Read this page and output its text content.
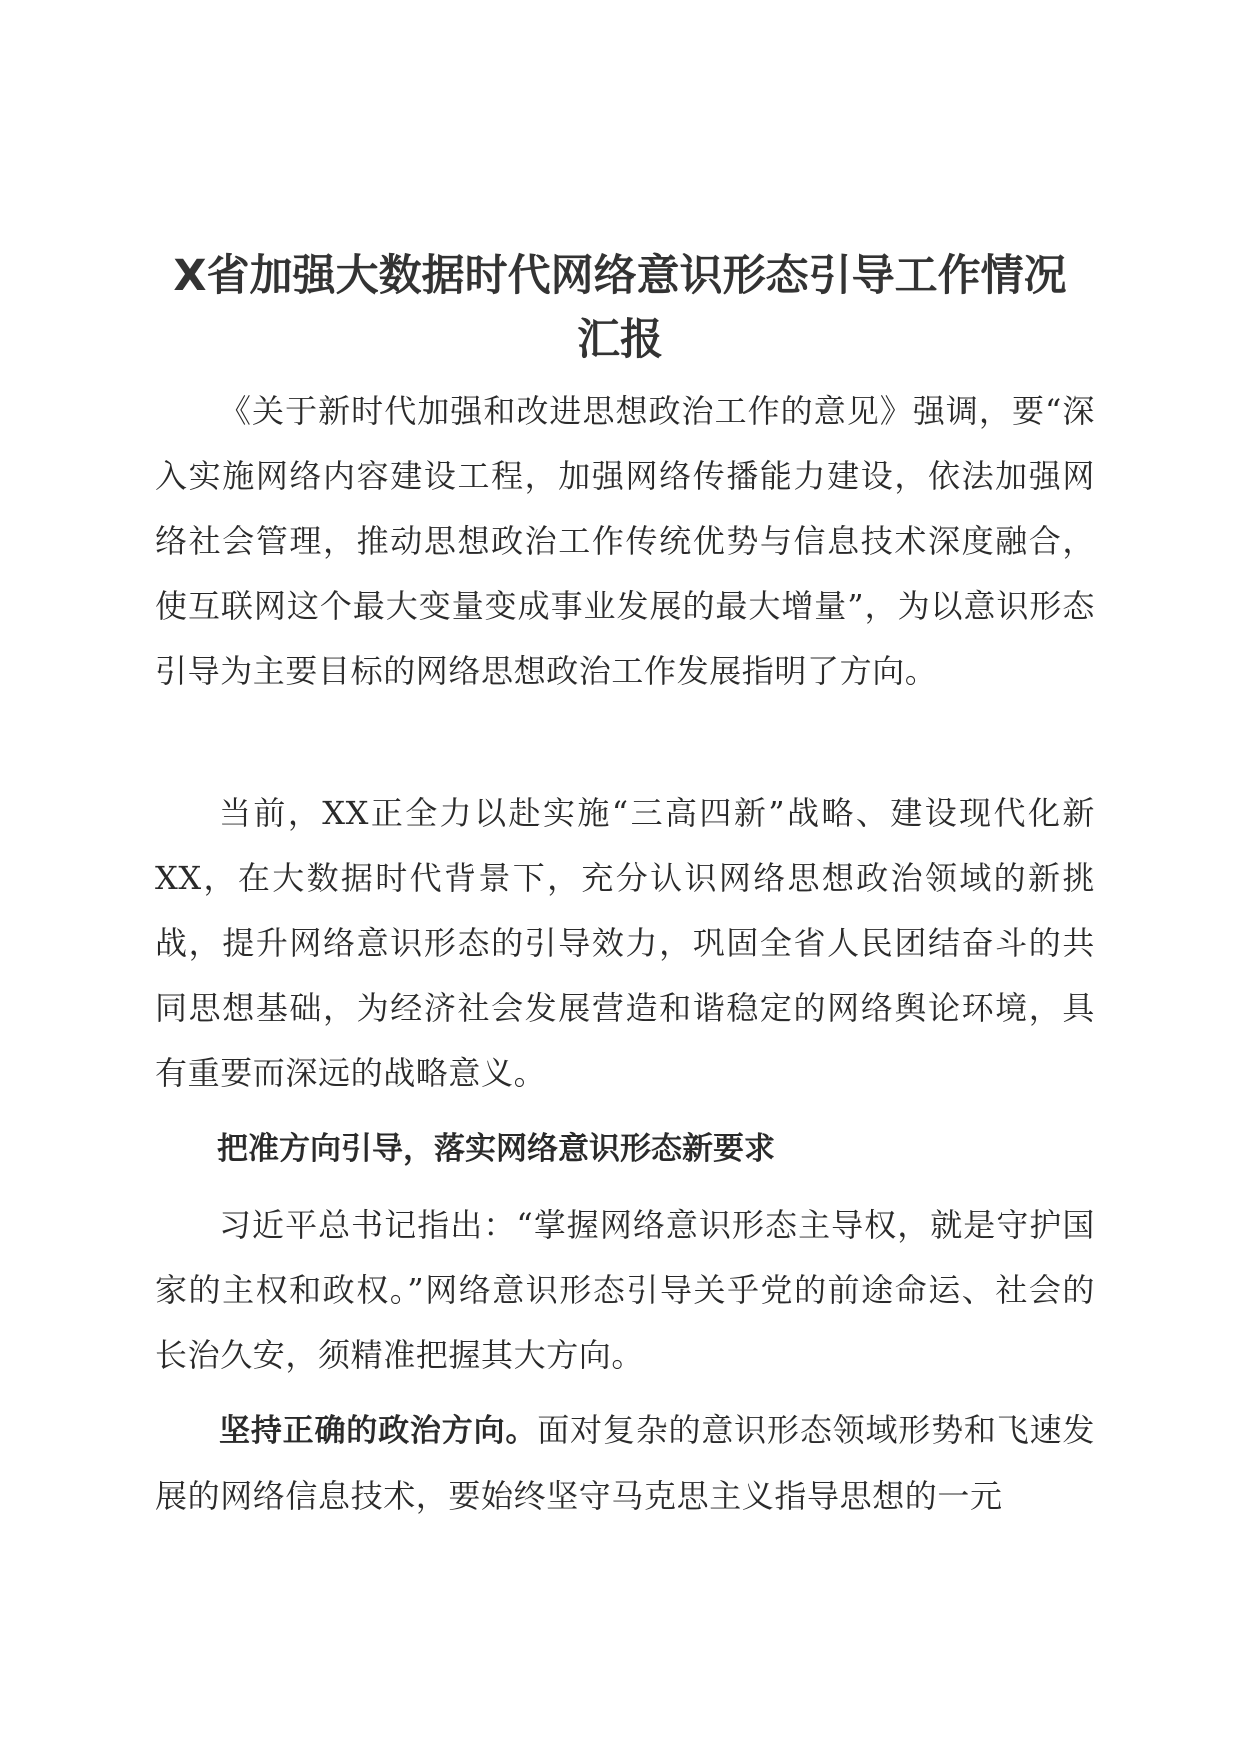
X省加强大数据时代网络意识形态引导工作情况汇报

《关于新时代加强和改进思想政治工作的意见》强调，要“深入实施网络内容建设工程，加强网络传播能力建设，依法加强网络社会管理，推动思想政治工作传统优势与信息技术深度融合，使互联网这个最大变量变成事业发展的最大增量”，为以意识形态引导为主要目标的网络思想政治工作发展指明了方向。

当前，XX正全力以赴实施“三高四新”战略、建设现代化新XX，在大数据时代背景下，充分认识网络思想政治领域的新挑战，提升网络意识形态的引导效力，巩固全省人民团结奋斗的共同思想基础，为经济社会发展营造和谐稳定的网络舆论环境，具有重要而深远的战略意义。

把准方向引导，落实网络意识形态新要求

习近平总书记指出：“掌握网络意识形态主导权，就是守护国家的主权和政权。”网络意识形态引导关乎党的前途命运、社会的长治久安，须精准把握其大方向。

坚持正确的政治方向。面对复杂的意识形态领域形势和飞速发展的网络信息技术，要始终坚守马克思主义指导思想的一元
